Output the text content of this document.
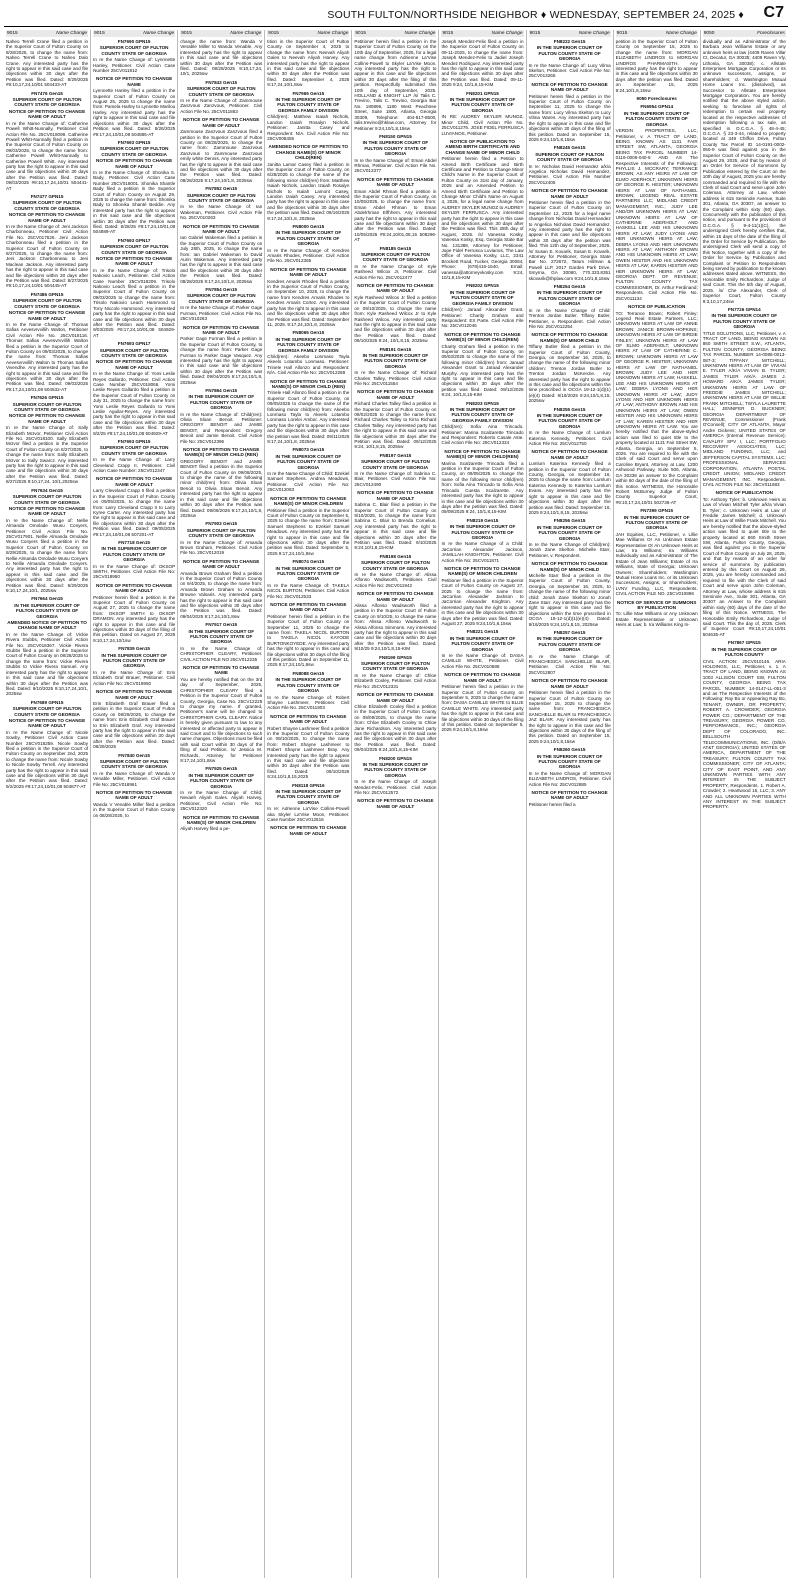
SOUTH FULTON/NORTHSIDE NEIGHBOR ♦ WEDNESDAY, SEPTEMBER 24, 2025 ♦ C7
9015	Name Change
Naheo Terrell Crane filed a petition in the Superior Court of Fulton County on 8/28/2025, to change the name from: Naheo Terrell Crane to Naheo Dalo Crane. Any interested party has the right to appear in this said case and file objections within 30 days after the Petition was filed. Dated: 8/29/2025 #9:10,17,24,10/01 504433-AT
FN7476 Gen15
SUPERIOR COURT OF FULTON COUNTY STATE OF GEORGIA
NOTICE OF PETITION TO CHANGE NAME OF ADULT
In re the Name Change of: Catherine Powell Whitt-Nunnally, Petitioner Civil Action File No. 25CV018099. Catherine Powell Whitt-Nunnally filed a petition in the Superior Court of Fulton County on 09/03/2025, to change the name from: Catherine Powell Whitt-Nunnally to Catherine Powell Whitt. Any interested party has the right to appear in this said case and file objections within 30 days after the Petition was filed. Dated: 09/03/2025 #9:10,17,24,10/01 504441-AT
FN7477 GPN15
SUPERIOR COURT OF FULTON COUNTY STATE OF GEORGIA
NOTICE OF PETITION TO CHANGE NAME OF ADULT
In re the Name Change of: Jeni Jackson Charbonneau, Petitioner Civil Action File No. 25CV017526. Jeni Jackson Charbonneau filed a petition in the Superior Court of Fulton County on 8/27/2025, to change the name from: Jeni Jackson Charbonneau to Jeni Maclean Jackson. Any interested party has the right to appear in this said case and file objections within 30 days after the Petition was filed. Dated: 8/27/2025 #9:10,17,24,10/01 504445-AT
FN7486 GPN15
SUPERIOR COURT OF FULTON COUNTY STATE OF GEORGIA
NOTICE OF PETITION TO CHANGE NAME OF ADULT
In re the Name Change of: Thomas Safias Aevesvrvvillih Walton, Petitioner Civil Action File No. 25CV018116. Thomas Safias Aevesvrvvillih Walton filed a petition in the Superior Court of Fulton County on 09/03/2025, to change the name from: Thomas Safias Aevesvrvvillih Walton to Thomas Safias Vivendhe. Any interested party has the right to appear in this said case and file objections within 30 days after the Petition was filed. Dated: 09/03/2025 #9:17,24,10/01,08 504532-AT
FN7626 GPN15
SUPERIOR COURT OF FULTON COUNTY STATE OF GEORGIA
NOTICE OF PETITION TO CHANGE NAME OF ADULT
In re the Name Change of: Sally Elizabeth McIvor, Petitioner Civil Action File No. 25CV018100. Sally Elizabeth McIvor filed a petition in the Superior Court of Fulton County on 8/27/2025, to change the name from: Sally Elizabeth McIvor to Sally Swarcz. Any interested party has the right to appear in this said case and file objections within 30 days after the Petition was filed. Dated: 8/27/2025 9:10,17,24, 10/1,2025sw
FN7634 Gen15
SUPERIOR COURT OF FULTON COUNTY STATE OF GEORGIA
NOTICE OF PETITION TO CHANGE NAME OF ADULT
In re the Name Change of: Nellie Almanda Omolade Wusu Conyers, Petitioner Civil Action File No. 25CV017901. Nellie Almanda Omolade Wusu Conyers filed a petition in the Superior Court of Fulton County on 8/29/2025, to change the name from: Nellie Almanda Omolade Wusu Conyers to Nellie Almanda Omolade Conyers. Any interested party has the right to appear in this said case and file objections within 30 days after the Petition was filed. Dated: 8/29/2025 9:10,17,24,10/1, 2025sw
FN7664 Gen15
IN THE SUPERIOR COURT OF FULTON COUNTY STATE OF GEORGIA
AMENDED NOTICE OF PETITION TO CHANGE NAME OF ADULT
In re the Name Change of: Vickie Rivera Stubbs, Petitioner Civil Action File No. 25CV018367. Vickie Rivera Stubbs filed a petition in the Superior Court of Fulton County on 08/28/2025 to change the name from: Vickie Rivera Stubbs to Vickie Rivera Samuel. Any interested party has the right to appear in this said case and file objections within 30 days after the Petition was filed. Dated: 9/10/2025 9:10,17,24,10/1, 2025sw
FN7689 GPN15
SUPERIOR COURT OF FULTON COUNTY STATE OF GEORGIA
NOTICE OF PETITION TO CHANGE NAME OF ADULT
In re the Name Change of: Nicole Sowby, Petitioner Civil Action Case Number 25CV018259. Nicole Sowby filed a petition in the Superior Court of Fulton County on September 2nd, 2025 to change the name from: Nicole Sowby to Nicole Sowby Terrell. Any interested party has the right to appear in this said case and file objections within 30 days after the Petition was filed. Dated: 9/2/2025 #9:17,24,10/01,08 504877-AT
9015	Name Change
FN7690 GPN15
SUPERIOR COURT OF FULTON COUNTY STATE OF GEORGIA
In re the Name Change of: Lynnnette Hanley, Petitioner. Civil Action Case Number 25CV011912
NOTICE OF PETITION TO CHANGE NAME
Lynnnette Hanley filed a petition in the Superior Court of Fulton County on August 25, 2025 to change the name from: Pamela Harley to Lynnette Marilou Harley. Any interested party has the right to appear in this said case and file objections within 30 days after the Petition was filed. Dated: 8/26/2025 #9:17,24,10/01,08 504885-AT
FN7693 GPN15
SUPERIOR COURT OF FULTON COUNTY STATE OF GEORGIA
NOTICE OF PETITION TO CHANGE NAME OF ADULT
In re the Name Change of: Shonika S. Bady, Petitioner. Civil Action Case Number 25CV018001. Shonika Shantle Bady filed a petition in the Superior Court of Fulton County on August 29, 2025 to change the name from: Shonika Bady to Shonika Shanté Beddie. Any interested party has the right to appear in this said case and file objections within 30 days after the Petition was filed. Dated: 8/28/25 #9:17,24,10/01,08 504889-AT
FN7693 GPN17
SUPERIOR COURT OF FULTON COUNTY STATE OF GEORGIA
NOTICE OF PETITION TO CHANGE NAME OF ADULT
In re the Name Change of: Trisolo Nakovio Leach, Petitioner. Civil Action Case Number 25CV018209. Trisolo Nakovio Leach filed a petition in the Superior Court of Fulton County on 09/03/2025 to change the name from: Trisolo Nakovio Leach Hammond to Tony Niccolo Hammond. Any interested party has the right to appear in this said case and file objections within 30 days after the Petition was filed. Dated: 9/03/2025 #9:17,24,10/01,08 504929-AT
FN7693 GPN17
SUPERIOR COURT OF FULTON COUNTY STATE OF GEORGIA
NOTICE OF PETITION TO CHANGE NAME OF ADULT
In re the Name Change of: Yomi Leslie Reyes Gallardo, Petitioner. Civil Action Case Number 25CV018066. Yomi Leslie Reyes Gallardo filed a petition in the Superior Court of Fulton County on July 31, 2025 to change the name from: Yomi Leslie Reyes Gallardo to Yomi Leslie Aguilar-Reyes. Any interested party has the right to appear in this said case and file objections within 30 days after the Petition was filed. Dated: 9/2/25 #9:17,24,10/01,08 504929-AT
FN7693 GPN15
SUPERIOR COURT OF FULTON COUNTY STATE OF GEORGIA
In re the Name Change of: Larry Cleveland Crapp II, Petitioner. Civil Action Case Number: 25CV012347
NOTICE OF PETITION TO CHANGE NAME OF ADULT
Larry Cleveland Crapp II filed a petition in the Superior Court of Fulton County on 09/05/2025, to change the name from: Larry Cleveland Crapp II to Larry Kyree Carter. Any interested party has the right to appear in this said case and file objections within 30 days after the Petition was filed. Dated: 09/05/2025 #9:17,24,10/01,08 507201-AT
FN7718 Gen15
IN THE SUPERIOR COURT OF FULTON COUNTY STATE OF GEORGIA
In re the Name Change of: OKSOP SMITH, Petitioner. Civil Action File No: 25CV018950
NOTICE OF PETITION TO CHANGE NAME OF ADULT
Petitioner herein filed a petition in the Superior Court of Fulton County on August 27, 2025 to change the name from: OKSOP SMITH to OKSOP DRAMON. Any interested party has the right to appear in this case and file objections within 30 days of the filing of this petition. Dated on August 27, 2025 9:10,17,24,10/1sw
FN7839 Gen15
IN THE SUPERIOR COURT OF FULTON COUNTY STATE OF GEORGIA
In re the Name Change of: Erin Elizabeth Graf Brauer, Petitioner. Civil Action File No: 25CV018950
NOTICE OF PETITION TO CHANGE NAME OF ADULT
Erin Elizabeth Graf Brauer filed a petition in the Superior Court of Fulton County on 08/29/2025, to change the name from: Erin Elizabeth Graf Brauer to Erin Elizabeth Graf. Any interested party has the right to appear in this said case and file objections within 30 days after the Petition was filed. Dated: 08/29/2025
FN7840 Gen15
SUPERIOR COURT OF FULTON COUNTY STATE OF GEORGIA
In re the Name Change of: Wanda V Venable Miller, Petitioner. Civil Action File No: 25CV018961
NOTICE OF PETITION TO CHANGE NAME OF ADULT
Wanda V Venable Miller filed a petition in the Superior Court of Fulton County on 08/28/2025, to
9015	Name Change
change the name from: Wanda V Venable Miller to Wanda Venable. Any interested party has the right to appear in this said case and file objections within 30 days after the Petition was filed. Dated: 08/28/2025 9:10,17,24, 10/1, 2025sw
FN7843 Gen15
SUPERIOR COURT OF FULTON COUNTY STATE OF GEORGIA
In re the Name Change of: Zammouse Zanzvous Zanzvous, Petitioner. Civil Action File No. 25CV011863
NOTICE OF PETITION TO CHANGE NAME OF ADULT
Zammouse Zanzvous Zanzvous filed a petition in the Superior Court of Fulton County on 08/28/2025, to change the name from: Zammouse Zanzvous Zanzvous to Zammouse Zanzvous emily white Dennis. Any interested party has the right to appear in this said case and file objections within 30 days after the Petition was filed. Dated: 08/28/2025 9:17,24,10/1,8, 2025sw
FN7852 Gen15
SUPERIOR COURT OF FULTON COUNTY STATE OF GEORGIA
In re the Name Change of: Ian Wakeman, Petitioner. Civil Action File No. 25CV010263
NOTICE OF PETITION TO CHANGE NAME OF ADULT
Ian Gabriel Wakeman filed a petition in the Superior Court of Fulton County on July 28th, 2025, to change the name from: Ian Gabriel Wakeman to David Aurin Wakeman. Any interested party has the right to appear in this said case and file objections within 30 days after the Petition was filed. Dated: 08/28/2025 9:17,24,10/1,8, 2025sw
FN7854 Gen15
SUPERIOR COURT OF FULTON COUNTY STATE OF GEORGIA
In re the Name Change of: Parker Gage Furman, Petitioner. Civil Action File No. 25CV010263
NOTICE OF PETITION TO CHANGE NAME OF ADULT
Parker Gage Furman filed a petition in the Superior Court of Fulton County, to change the name from: Parker Gage Furman to Parker Gage Vasquez. Any interested party has the right to appear in this said case and file objections within 30 days after the Petition was filed. Dated: 09/04/2025 9:17,24,10/1,8, 2025sw
FN7864 Gen15
IN THE SUPERIOR COURT OF FULTON COUNTY STATE OF GEORGIA
In re the Name Change of: Child(ren): Olivia Sloan Benoit. Petitioner: GREGORY BENOIT and JAMIE BENOIT, and Respondent: Gregory Benoit and Jamie Benoit. Civil Action File No: 25CV012396
NOTICE OF PETITION TO CHANGE NAME(S) OF MINOR CHILD (REN)
GREGORY BENOIT and JAMIE BENOIT filed a petition in the Superior Court of Fulton County on 09/08/2025, to change the name of the following minor child(ren) from: Olivia Sloan Benoit to Olivia Sloan Benoit. Any interested party has the right to appear in this said case and file objections within 30 days after the Petition was filed. Dated: 09/09/2025 9:17,24,10/1,8, 2025sw
FN7903 Gen15
SUPERIOR COURT OF FULTON COUNTY STATE OF GEORGIA
In re the Name Change of: Amanda Brown Graham, Petitioner. Civil Action File No. 25CV012019
NOTICE OF PETITION TO CHANGE NAME OF ADULT
Amanda Brown Graham filed a petition in the Superior Court of Fulton County on 9/4/2025, to change the name from: Amanda Brown Graham to Amanda Browne Valsaris. Any interested party has the right to appear in this said case and file objections within 30 days after the Petition was filed. Dated: 09/04/2025 9:17,24,10/1,8sw
FN7917 Gen15
IN THE SUPERIOR COURT OF FULTON COUNTY STATE OF GEORGIA
In re the Name Change of: CHRISTOPHER CLEARY, Petitioner. CIVIL ACTION FILE NO 25CV012235
NOTICE OF PETITION TO CHANGE NAME
You are hereby notified that on the 3rd day of September, 2025, CHRISTOPHER CLEARY filed a Petition in the Superior Court of Fulton County, Georgia, Case No. 25CV12225 to change my name. If granted, Petitioner's name will be changed to CHRISTOPHER CARL CLEARY. Notice is hereby given pursuant to law to any interested or affected party to appear in said Court and to file objections to such name changes. Objections must be filed with said Court within 30 days of the filing of said Petition. /s/ Jessica M. Richards, Attorney for Petitioner 9:17,24,10/1,8sw
FN7925 Gen15
IN THE SUPERIOR COURT OF FULTON COUNTY STATE OF GEORGIA
In re the Name Change of Child: Nevaeh Aliyah Gales. Aliyah Harvey, Petitioner, Civil Action File No: 25CV012320
NOTICE OF PETITION TO CHANGE NAME(S) OF MINOR CHILDREN
Aliyah Harvey filed a pe-
9015	Name Change
tition in the Superior Court of Fulton County on September 4, 2025 to change the name from: Neevah Aliyah Gales to Neevah Aliyah Harvey. Any interested party has the right to appear in this said case and file objections within 30 days after the Petition was filed. Dated: September 4, 2025 9:17,24,10/1,8sw
FN7965 Gen15
IN THE SUPERIOR COURT OF FULTON COUNTY STATE OF GEORGIA FAMILY DIVISION
Child(ren): Matthew Isaiah Nichols, Landon Izaiah Rosalyn Nichols. Petitioner: Janitta Casey and Respondent: N/A. Civil Action File No: 25CV008455
AMENDED NOTICE OF PETITION TO CHANGE NAME(S) OF MINOR CHILD(REN)
Janitta Lamar Casey filed a petition in the Superior Court of Fulton County, on 6/28/2025 to change the name of the following minor child(ren) from: Matthew Isaiah Nichols, Landon Izaiah Rosalyn Nichols to Isaiah Lamont Casey, Landon Izaiah Casey. Any interested party has the right to appear in this case and file objections within 30 days after the petition was filed. Dated: 09/16/2025 9:17,24,10/1,8, 2025sw
FN8000 Gen15
IN THE SUPERIOR COURT OF FULTON COUNTY STATE OF GEORGIA
In re the Name Change of: Kendres Amaris Rhodes, Petitioner. Civil Action File No. 25CV012365
NOTICE OF PETITION TO CHANGE NAME OF ADULT
Kendres Amaris Rhodes filed a petition in the Superior Court of Fulton County, on September 10, 2025, to change the name from Kendres Amaris Rhodes to Kendres Amaris Cortez. Any interested party has the right to appear in this case and file objections within 30 days after the Petition was filed. Dated: September 11, 2025. 9:17,24,10/1,8, 2025sw
FN8065 Gen15
IN THE SUPERIOR COURT OF FULTON COUNTY STATE OF GEORGIA FAMILY DIVISION
Child(ren): Akeebo Lonmaso Tayla Akeelo Lotambo Lonmaso. Petitioner: Trinele Hall Allonzo and Respondent: N/A. Civil Action File No: 25CV012288
NOTICE OF PETITION TO CHANGE NAME(S) OF MINOR CHILD (REN)
Trinele Hall Allonzo filed a petition in the Superior Court of Fulton County, on 09/05/2025 to change the name of the following minor child(ren) from: Akeebo Lonmaso Tayla to Akeelo Lotambo Lonmaso Lorelei Ambor. Any interested party has the right to appear in this case and file objections within 30 days after the petition was filed. Dated: 09/11/2025 9:17,24,10/1,8, 2025sw
FN8073 Gen15
IN THE SUPERIOR COURT OF FULTON COUNTY STATE OF GEORGIA
In re the Name Change of Child: Ezekiel Samuel Stephens. Andrea Meadows, Petitioner. Civil Action File No: 25CV012083
NOTICE OF PETITION TO CHANGE NAME(S) OF MINOR CHILDREN
Petitioner filed a petition in the Superior Court of Fulton County on September 5, 2025 to change the name from: Ezekiel Samuel Stephens to Ezekiel Samuel Meadows. Any interested party has the right to appear in this case and file objections within 30 days after the petition was filed. Dated: September 5, 2025 9:17,24,10/1,8sw
FN8074 Gen15
IN THE SUPERIOR COURT OF FULTON COUNTY STATE OF GEORGIA
In re the Name Change of: TAKELA NICOL BURTON, Petitioner. Civil Action File No: 25CV012533
NOTICE OF PETITION TO CHANGE NAME OF ADULT
Petitioner herein filed a petition in the Superior Court of Fulton County on September 11, 2025 to change the name from: TAKELA NICOL BURTON to TAKELA NICOL KAYODE BURTONKOYEDE. Any interested party has the right to appear in this case and file objections within 30 days of the filing of this petition. Dated on September 11, 2025 9:17,24,10/1,8sw
FN8088 Gen15
IN THE SUPERIOR COURT OF FULTON COUNTY STATE OF GEORGIA
In re the Name Change of: Robert Shayne Lashmeer, Petitioner. Civil Action File No. 25CV011903
NOTICE OF PETITION TO CHANGE NAME OF ADULT
Robert Shayne Lashmeer filed a petition in the Superior Court of Fulton County on 09/10/2025, to change the name from: Robert Shayne Lashmeer to Robert Shayne Lashmeer Bray. Any interested party has the right to appear in this said case and file objections within 30 days after the Petition was filed. Dated: 09/10/2025 9:24,10/1,8,15,2025
FN8118 GPN16
IN THE SUPERIOR COURT OF FULTON COUNTY STATE OF GEORGIA
In re: Adrienne La'Vise Collins-Powell aka Skyler La'Vise Moon, Petitioner. Case Number 25CV012516
NOTICE OF PETITION TO CHANGE NAME OF ADULT
9015	Name Change
Petitioner herein filed a petition in the Superior Court of Fulton County on the 10th day of September, 2025, for a legal name change from Adrienne La'Vise Collins-Powell to Skyler La'Vise Moon. Any interested party has the right to appear in this case and file objections within 30 days after the filing of this petition. Respectfully submitted this 10th day of September, 2025. HOLLAND & KNIGHT LLP /s/ Talis C. Trevino, Talis C. Trevino, Georgia Bar No. 180896, 1180 West Peachtree Street, Suite 1800, Atlanta, Georgia 30309, Telephone: 404-817-8500, talis.trevino@hklaw.com, Attorney for Petitioner 9:24,10/1,8,15sw
FN8150 GPN15
IN THE SUPERIOR COURT OF FULTON COUNTY STATE OF GEORGIA
In re the Name Change of: Eman Abdel Rhman, Petitioner. Civil Action File No. 25CV012377
NOTICE OF PETITION TO CHANGE NAME OF ADULT
Eman Abdel Rhman filed a petition in the Superior Court of Fulton County, on 10/05/2025, to change the name from: Eman Abdel Rhman to Eman Abdelrhman Elfhhem. Any interested party has the right to appear in this said case and file objections within 30 days after the Petition was filed. Dated: 10/05/2025 #9:24,10/01,08,15 508296-AT
FN8185 Gen15
SUPERIOR COURT OF FULTON COUNTY STATE OF GEORGIA
In re the Name Change of: Kyle Rasheed Wilcox Jr, Petitioner. Civil Action File No. 25CV012477
NOTICE OF PETITION TO CHANGE NAME OF ADULT
Kyle Rasheed Wilcox Jr filed a petition in the Superior Court of Fulton County on 09/10/2025, to change the name from: Kyle Rasheed Wilcox Jr to Kyle Rasheed Wilcox. Any interested party has the right to appear in this said case and file objections within 30 days after the Petition was filed. Dated: 09/10/2025 9:24, 10/1,8,15, 2025sw
FN8191 Gen15
IN THE SUPERIOR COURT OF FULTON COUNTY STATE OF GEORGIA
In re the Name Change of: Richard Charles Talley, Petitioner. Civil Action File No: 25CV011554
NOTICE OF PETITION TO CHANGE NAME OF ADULT
Richard Charles Talley filed a petition in the Superior Court of Fulton County on 09/02/2025 to change the name from: Richard Charles Talley to Kirra Richard Charles Talley. Any interested party has the right to appear in this said case and file objections within 30 days after the Petition was filed. Dated: 09/12/2025 9:24, 10/1,8,15, 2025sw
FN8197 Gen15
SUPERIOR COURT OF FULTON COUNTY STATE OF GEORGIA
In re the Name Change of: Sabrina C. Blair, Petitioner. Civil Action File No: 25CV012490
NOTICE OF PETITION TO CHANGE NAME OF ADULT
Sabrina C. Blair filed a petition in the Superior Court of Fulton County on 9/10/2025, to change the name from: Sabrina C. Blair to Brenda Cornelius. Any interested party has the right to appear in this said case and file objections within 30 days after the Petition was filed. Dated: 9/10/2025 9:24,10/1,8,15-KIM
FN8198 Gen15
SUPERIOR COURT OF FULTON COUNTY STATE OF GEORGIA
In re the Name Change of: Alissa Alfonso Wadsworth, Petitioner. Civil Action File No: 25CV011942
NOTICE OF PETITION TO CHANGE NAME OF ADULT
Alissa Alfonso Wadsworth filed a petition in the Superior Court of Fulton County on 9/10/25, to change the name from: Alissa Alfonso Wadsworth to Alissa Alfonso Simmons. Any interested party has the right to appear in this said case and file objections within 30 days after the Petition was filed. Dated: 9/10/25 9:24,10/1,8,15-KIM
FN8199 GPN15
SUPERIOR COURT OF FULTON COUNTY STATE OF GEORGIA
In re the Name Change of: Chloe Elizabeth Cooley, Petitioner. Civil Action File No: 25CV012331
NOTICE OF PETITION TO CHANGE NAME OF ADULT
Chloe Elizabeth Cooley filed a petition in the Superior Court of Fulton County on 09/09/2025, to change the name from: Chloe Elizabeth Cooley to Chloe Jane Richardson. Any interested party has the right to appear in this said case and file objections within 30 days after the Petition was filed. Dated: 09/04/2025 9:24,10/1,8,15-KIM
FN8200 GPN15
IN THE SUPERIOR COURT OF FULTON COUNTY STATE OF GEORGIA
In re the Name Change of: Joseph Mendez-Felix, Petitioner. Civil Action File No: 25CV012572
NOTICE OF PETITION TO CHANGE NAME OF ADULT
9015	Name Change
Joseph Mendez-Felix filed a petition in the Superior Court of Fulton County on 09-11-2025, to change the name from: Joseph Mendez-Felix to Jadiel Joseph Mendez Rodriguez. Any interested party has the right to appear in this said case and file objections within 30 days after the Petition was filed. Dated: 09-11-2025 9:24, 10/1,8,15-KIM
FN8201 GPN15
IN THE SUPERIOR COURT OF FULTON COUNTY STATE OF GEORGIA
IN RE: AUDREY SKYLER MUNOZ, Minor Child, Civil Action File No. 25CV011276. JOSE FIDEL FERRUSCA LUVIANOS, Petitioner.
NOTICE OF PUBLICATION TO AMEND BIRTH CERTIFICATE AND CHANGE NAME OF MINOR CHILD
Petitioner herein filed a Petition to Amend Birth Certificate and Birth Certificate and Petition to Change Minor Child's Name in the Superior Court of Fulton County on 31st day of January, 2025 and an Amended Petition to Amend Birth Certificate and Petition to Change Minor Child's Name on August 4, 2025, for a legal name change from AUDREY SKYLER MUNOZ to AUDREY SKYLER FERRUSCA. Any interested party has the right to appear in this case and file objections within 30 days after the Petition was filed. This 28th day of August, 2025. /s/ Vanessa Kosky, Vanessa Kosky, Esq. Georgia State Bar No. 131388, Attorney for Petitioner, Jope Fidel Ferrusca Luvianos, The Law Office of Vanessa Kosky, LLC, 2341 Brockett Road, Tucker, Georgia 30084, Phone: (678)416-1540, Email: vanessa@attorneyvkosky.com 9:24, 10/1,8,15-KIM
FN8202 GPN15
IN THE SUPERIOR COURT OF FULTON COUNTY STATE OF GEORGIA FAMILY DIVISION
Child(ren): Jaraad Alexander Grant. Petitioner: Charity Graham and Respondent: EX Parte. Civil Action File No: 25CV012046
NOTICE OF PETITION TO CHANGE NAME(S) OF MINOR CHILD(REN)
Charity Graham filed a petition in the Superior Court of Fulton County, on 09/03/2025 to change the name of the following minor child(ren) from: Jaraad Alexander Grant to Jaraad Alexander Murphy. Any interested party has the right to appear in this case and file objections within 30 days after the petition was filed. Dated: 09/12/2025 9:24, 10/1,8,15-KIM
FN8203 GPN15
IN THE SUPERIOR COURT OF FULTON COUNTY STATE OF GEORGIA FAMILY DIVISION
Child(ren): Sofia Aina Trincado. Petitioner: Marina Scalzarette Trincado and Respondent: Roberto Casale Aste. Civil Action File No: 25CV012334
NOTICE OF PETITION TO CHANGE NAME(S) OF MINOR CHILD(REN)
Marina Scalzarette Trincado filed a petition in the Superior Court of Fulton County, on 09/05/2025 to change the name of the following minor child(ren) from: Sofia Aina Trincado to Sofia Aina Trincado Cuesta Scalzarette. Any interested party has the right to appear in this case and file objections within 30 days after the petition was filed. Dated: 09/09/2025 9:24, 10/1,8,15-KIM
FN8219 Gen15
IN THE SUPERIOR COURT OF FULTON COUNTY STATE OF GEORGIA
In re the Name Change of a Child: JaCorrian Alexander Jackson, JAMILLAH KNIGHTON, Petitioner. Civil Action File No: 25CV011871
NOTICE OF PETITION TO CHANGE NAME(S) OF MINOR CHILDREN
Petitioner filed a petition in the Superior Court of Fulton County on August 27, 2025 to change the name from: JaCorrian Alexander Jackson to JaCorrian Alexander Knighton. Any interested party has the right to appear in this case and file objections within 30 days after the petition was filed. Dated: August 27, 2025 9:24,10/1,8,15sw
FN8221 Gen15
IN THE SUPERIOR COURT OF FULTON COUNTY STATE OF GEORGIA
In re the Name Change of: DASIA CAMILLE WHITE, Petitioner. Civil Action File No. 25CV010688
NOTICE OF PETITION TO CHANGE NAME OF ADULT
Petitioner herein filed a petition in the Superior Court of Fulton County on September 5, 2025 to change the name from: DASIA CAMILLE WHITE to BLUE CAMILLE WHITE. Any interested party has the right to appear in this case and file objections within 30 days of the filing of this petition. Dated on September 5, 2025 9:24,10/1,8,15sw
9015	Name Change
FN8222 Gen15
IN THE SUPERIOR COURT OF FULTON COUNTY STATE OF GEORGIA
In re the Name Change of: Lucy Vilma Skelton, Petitioner. Civil Action File No: 25CV013265
NOTICE OF PETITION TO CHANGE NAME OF ADULT
Petitioner herein filed a petition in the Superior Court of Fulton County on September 11, 2025 to change the name from: Lucy Vilma Skelton to Lucy Vilma Wares. Any interested party has the right to appear in this case and file objections within 30 days of the filing of this petition. Dated on September 15, 2025 9:24,10/1,8,15sw
FN8245 Gen15
SUPERIOR COURT OF FULTON COUNTY STATE OF GEORGIA
In re: Nicholas David Hernandez a/k/a Angelica Nicholas David Hernandez, Petitioner. Civil Action File Number 25CV012405
NOTICE OF PETITION TO CHANGE NAME OF ADULT
Petitioner herein filed a petition in the Superior Court of Fulton County on September 12, 2025 for a legal name change from Nicholas David Hernandez to Angelica Nicholas David Hernandez. Any interested party has the right to appear in this case and file objections within 30 days after the petition was filed. This 12th day of September, 2025. /s/ Susan E. Kovarik, Susan E. Kovarik, Attorney for Petitioner, Georgia State Bar No. 272672, Tatum Hillman & Powell LLP, 2017 Garden Park Drive, Smyrna, GA 30080, 770.333.8351 skovarik@thplaw.com 9:24,10/1,8,15sw
FN8254 Gen15
IN THE SUPERIOR COURT OF FULTON COUNTY STATE OF GEORGIA
In re the Name Change of Child: Trenton Jordan Butler. Tiffany Butler, Petitioner, v. Respondent. Civil Action File No: 25CV012254
NOTICE OF PETITION TO CHANGE NAME(S) OF MINOR CHILD
Tiffany Butler filed a petition in the Superior Court of Fulton County, Georgia, on September 16, 2025, to change the name of the following minor children: Trenton Jordan Butler to Trenton Jordan McKenzie. Any interested party has the right to appear in this case and file objections within the time proscribed in OCGA 19-12-1(d)(1)(e)(4) Dated: 9/16/2025 9:24,10/1,8,15, 2025sw
FN8255 Gen15
IN THE SUPERIOR COURT OF FULTON COUNTY STATE OF GEORGIA
In re the Name Change of: Lumlum Katerina Kennedy, Petitioner. Civil Action File No: 25CV012750
NOTICE OF PETITION TO CHANGE NAME OF ADULT
Lumlum Katerina Kennedy filed a petition in the Superior Court of Fulton County, Georgia, on September 16, 2025 to change the name from: Lumlum Katerina Kennedy to Katerina Lumlum Evans. Any interested party has the right to appear in this case and file objections within 30 days after the petition was filed. Dated: September 16, 2025 9:24,10/1,8,15, 2025sw
FN8256 Gen15
IN THE SUPERIOR COURT OF FULTON COUNTY STATE OF GEORGIA
In re the Name Change of Child(ren): Jonah Zane Skelton. Michelle Starr, Petitioner, v. Respondent.
NOTICE OF PETITION TO CHANGE NAME(S) OF MINOR CHILD
Michelle Starr filed a petition in the Superior Court of Fulton County, Georgia, on September 16, 2025, to change the name of the following minor child: Jonah Zane Skelton to Jonah Zane Starr. Any interested party has the right to appear in this case and file objections within the time proscribed in OCGA 19-12-1(d)(1)(e)(4) Dated: 9/16/2025 9:24,10/1,8,15, 2025sw
FN8257 Gen15
IN THE SUPERIOR COURT OF FULTON COUNTY STATE OF GEORGIA
In re the Name Change of: FRANCHESICA SANCHELLE BLAIR, Petitioner. Civil Action File No: 25CV012807
NOTICE OF PETITION TO CHANGE NAME OF ADULT
Petitioner herein filed a petition in the Superior Court of Fulton County on September 15, 2025 to change the name from: FRANCHESICA SANCHELLE BLAIR to FRANCHESICA JAZ BLAIR. Any interested party has the right to appear in this case and file objections within 30 days of the filing of this petition. Dated on September 15, 2025 9:24,10/1,8,15sw
FN8260 Gen15
IN THE SUPERIOR COURT OF FULTON COUNTY STATE OF GEORGIA
In re the Name Change of: MORGAN ELIZABETH LINDROS, Petitioner. Civil Action File No: 25CV012885
NOTICE OF PETITION TO CHANGE NAME OF ADULT
Petitioner herein filed a
9015	Name Change
petition in the Superior Court of Fulton County on September 15, 2025 to change the name from: MORGAN ELIZABETH LINDROS to MORGAN LINDROS PHARMASITH. Any interested party has the right to appear in this case and file objections within 30 days after the petition was filed. Dated on September 15, 2025 9:24,10/1,8,15sw
9050 Foreclosures
FN6954 GPN14
IN THE SUPERIOR COURT OF FULTON COUNTY STATE OF GEORGIA
VERDIN PROPERTIES, LLC, Petitioner, v. A TRACT OF LAND, BEING KNOWN AS 1131 FAIR STREET SW, ATLANTA, GEORGIA BEING TAX PARCEL NUMBER 14-0116-0006-040-8 AND AS The Respective Interests of the Following: PHYLLIS J. MCCRARY; TERRANCE BROWN; AS ANY HEIRS AT LAW OF ELMO ADERHOLT; UNKNOWN HEIRS OF GEORGE R. HESTER; UNKNOWN HEIRS AT LAW OF NATHANIEL BROWN; LEGEND REAL ESTATE PARTNERS LLC; MIDLAND CREDIT MANAGEMENT, INC.; JUDY LEE AND/OR UNKNOWN HEIRS AT LAW; UNKNOWN HEIRS AT LAW OF CATHERINE ADERHOLT AND HASKELL LEE AND HIS UNKNOWN HEIRS AT LAW; JUDY LYONS AND HER UNKNOWN HEIRS AT LAW; DEBRA LYONS AND HER UNKNOWN HEIRS AT LAW; ANTHONY BROWN AND HIS UNKNOWN HEIRS AT LAW; OWEN HESTER AND HIS UNKNOWN HEIRS AT LAW; KAREN HESTER AND HER UNKNOWN HEIRS AT LAW; GEORGIA DEPT. OF REVENUE; FULTON COUNTY TAX COMMISSIONER, Dr. Arthur Ferdinand; Respondents. Civil Action File No. 25CV011134
NOTICE OF PUBLICATION
TO: Terrance Brown; Robert Finley; Legend Real Estate Partners, LLC; UNKNOWN HEIRS AT LAW OF ANNIE BROWN; JANICE BROWN-HOPKINS; UNKNOWN HEIRS AT LAW OF BIRDIE FINLEY; UNKNOWN HEIRS AT LAW OF ELMO ADERHOLT; UNKNOWN HEIRS AT LAW OF CATHERINE C. BROWN; UNKNOWN HEIRS AT LAW OF GEORGE R. HESTER; UNKNOWN HEIRS AT LAW OF NATHANIEL BROWN; JUDY LEE AND HER UNKNOWN HEIRS AT LAW; HASKELL LEE AND HIS UNKNOWN HEIRS AT LAW; DEBRA LYONS AND HER UNKNOWN HEIRS AT LAW; JUDY LYONS AND HER UNKNOWN HEIRS AT LAW; ANTHONY BROWN AND HIS UNKNOWN HEIRS AT LAW; OWEN HESTER AND HIS UNKNOWN HEIRS AT LAW; KAREN HESTER AND HER UNKNOWN HEIRS AT LAW. You are hereby notified that the above-styled action was filed to quiet title to the property located at 1131 Fair Street SW, Atlanta, Georgia, on September 5, 2025. You are required to file with the Clerk of said Court and serve upon Caroline Bryant, Attorney at Law, 1200 Ashwood Parkway, Suite 506, Atlanta, GA 30338 an answer to the Complaint within 60 days of the date of the filing of this notice. WITNESS, the Honorable Robert McBurney, Judge of Fulton County Superior Court, #9:10,17,24,10/01 502736-AT
FN7399 GPN15
IN THE SUPERIOR COURT OF FULTON COUNTY STATE OF GEORGIA
JAH Equities, LLC, Petitioner, v. Lillie Mae Williams Or An Unknown Estate Representative Or An Unknown Heirs at Law; Ira Williams; Ira Williams Individually and as Administrator of The Estate of Jean Williams; Estate of Ira Williams, State of Georgia; Unknown Owners; Shareholders; Washington Mutual Home Loans Inc. or its Unknown Successors, Assigns, or Shareholders; LVNV Funding, LLC, Respondents. CIVIL ACTION FILE NO. 25CV010896
NOTICE OF SERVICE OF SUMMONS BY PUBLICATION
To: Lillie Mae Williams or Any Unknown Estate Representative or Unknown Heirs at Law; b. Ira Williams King In-
9050	Foreclosures
dividually and as Administrator of the Barbara Jean Williams Estate or any unknown heirs at law (4409 Raven Villar Ct, Decatur, GA 30035; 4409 Raven Vly, Lithonia, GA 30038); c. Allstate Enterprises Mortgage Corporation or its unknown successors, assigns, or shareholders; d. Washington Mutual Home Loans Inc. (dissolved), as Successor to Allstate Enterprises Mortgage Corporation. You are hereby notified that the above styled action, seeking to foreclose all rights of redemption to certain real property located at the respective addresses of redemption following a tax sale, as specified in O.C.G.A. § 48-4-45; O.C.G.A. § 23-3-44, related to property located at 349 Chiffon Drive, Fulton County Tax Parcel ID 14-0191-0002-050-9 was filed against you in the Superior Court of Fulton County on the August 29, 2025, and that by reason of an Order for Service of Summons by Publication entered by the Court on the 10th day of August, 2025 you are hereby commanded and required to file with the Clerk of said Court and serve upon John Coleman, Attorney at Law, whose address is 615 Seminole Avenue, Suite 301, Atlanta, GA 30307, an answer to the Complaint within sixty (60) days. Concurrently with the publication of this notice, and pursuant to the provisions of O.C.G.A. § 9-4-11(1)(C), the undersigned Clerk hereby certifies that, within 15 days of the date of the filing of the Order for Service by Publication, the undersigned Clerk will send a copy of this Notice, together with a copy of the Order for Service by Publication and Complaint or Petition to Respondents being served by publication to the known addresses stated above. WITNESS, the Honorable Emily Richardson, Judge of said Court. This the 5th day of August, 2025. /s/ Che Alexander, Clerk of Superior Court, Fulton County 9:3,10,17,24sw
FN7726 GPN14
IN THE SUPERIOR COURT OF FULTON COUNTY STATE OF GEORGIA
TITLE SOLUTIONS, LLC, Petitioner, v. A TRACT OF LAND, BEING KNOWN AS 860 SMITH STREET S.W., ATLANTA, FULTON COUNTY, GEORGIA BEING TAX PARCEL NUMBER 14-0086-0013-087-3; TIFFANY MITCHELL; UNKNOWN HEIRS AT LAW OF VIVIAN E. TYLER A/K/A VIVIAN B. TYLER; JAMES TYLER A/K/A JAMES J. HOWARD A/K/A JAMES TYLER; UNKNOWN HEIRS AT LAW OF FREDDIE JAMES MITCHELL; UNKNOWN HEIRS AT LAW OF WILLIE FRANK MITCHELL; TWYLA LAURETTE HALL; JENNIFER D. BUCKNER; GEORGIA DEPARTMENT OF REVENUE, Commissioner (Frank O'Connell); CITY OF ATLANTA, Mayor Andre Dickens; UNITED STATES OF AMERICA (Internal Revenue Service); CAVALRY SPV I, LLC; PORTFOLIO RECOVERY ASSOCIATES, LLC; MIDLAND FUNDING, LLC; and JEFFERSON CAPITAL SYSTEMS, LLC; PROFESSIONAL SERVICES CORPORATION, ATLANTA POSTAL CREDIT UNION; MIDLAND CREDIT MANAGEMENT, INC. Respondents. CIVIL ACTION FILE No: 25CV011683
NOTICE OF PUBLICATION
To: Anthony Tyler; b. Unknown Heirs at Law of Vivian Mitchell Tyler a/k/a Vivian B. Tyler; c. Unknown Heirs at Law of Freddie James Mitchell; d. Unknown Heirs at Law of Willie Frank Mitchell. You are hereby notified that the above-styled action was filed to quiet title to the property located at 860 Smith Street SW, Atlanta, Fulton County, Georgia, was filed against you in the Superior Court of Fulton County on July 28, 2025, and that by reason of an order for service of summons by publication entered by this Court on August 29, 2025, you are hereby commanded and required to file with the Clerk of said Court and serve upon John Coleman, Attorney at Law, whose address is 615 Seminole Ave., Suite 301, Atlanta, GA 30307 an Answer to the Complaint within sixty (60) days of the date of the filing of this Notice. WITNESS, The Honorable Emily Richardson, Judge of said Court. This the day of, 2025. Clerk of Superior Court #9:10,17,24,10/01 504635-AT
FN7867 GPN15
IN THE SUPERIOR COURT OF FULTON COUNTY
CIVIL ACTION: 25CV010146. ARIA HOLDINGS, LLC, Petitioner, v. 1. A TRACT OF LAND, BEING KNOWN AS 1003 ALLISON COURT SW, FULTON COUNTY, GEORGIA BEING TAX PARCEL NUMBER 14-0147-LL-051-3 and as The Respective Interests of the Following: Ray Bo or Appearing Ray Bo, TENANT, OWNER, OR PROPERTY; ROBERT A. CROWDER; GEORGIA POWER CO.; DEPARTMENT OF THE TREASURY; GEORGIA POWER CO. PERFORMANCE, INC.; GEORGIA DEPT OF COLORADO, INC. BELLSOUTH TELECOMMUNICATIONS, INC. (D/B/A AT&T GEORGIA); UNITED STATES OF AMERICA, DEPARTMENT OF THE TREASURY; FULTON COUNTY TAX COMMISSIONER; CITY OF ATLANTA; CITY OF EAST POINT, AND ANY UNKNOWN PARTIES WITH ANY INTEREST IN THE SUBJECT PROPERTY, Respondents. 1. Robert A. Crowder; 2. Heartwood 15, LLC; 3. ANY AND ALL UNKNOWN PARTIES WITH ANY INTEREST IN THE SUBJECT PROPERTY.
